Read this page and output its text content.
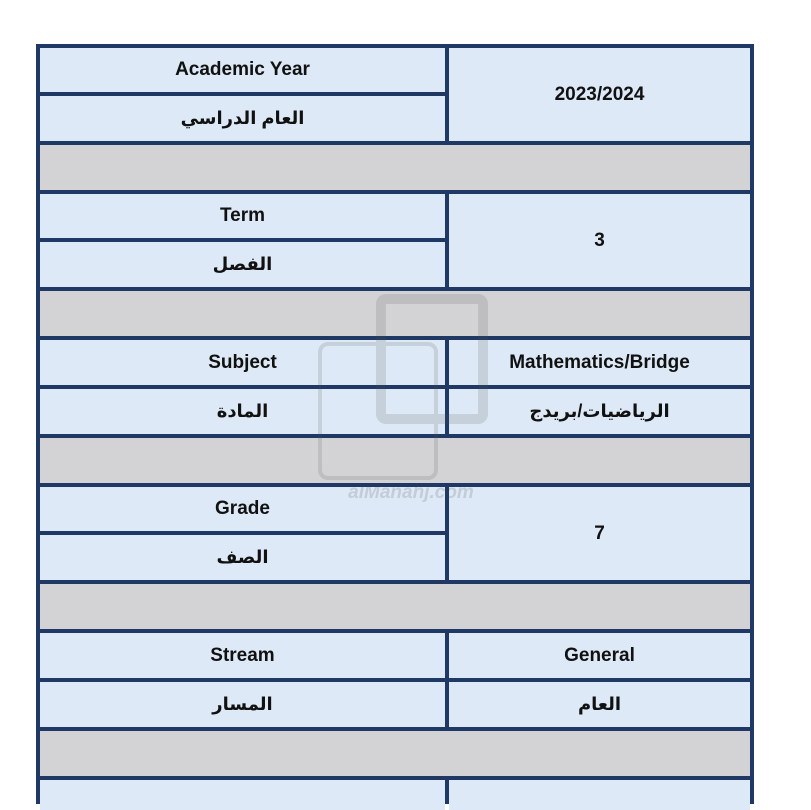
Academic Year
العام الدراسي
2023/2024
Term
الفصل
3
Subject	Mathematics/Bridge
المادة	الرياضيات/بريدج
Grade
الصف
7
Stream	General
المسار	العام
